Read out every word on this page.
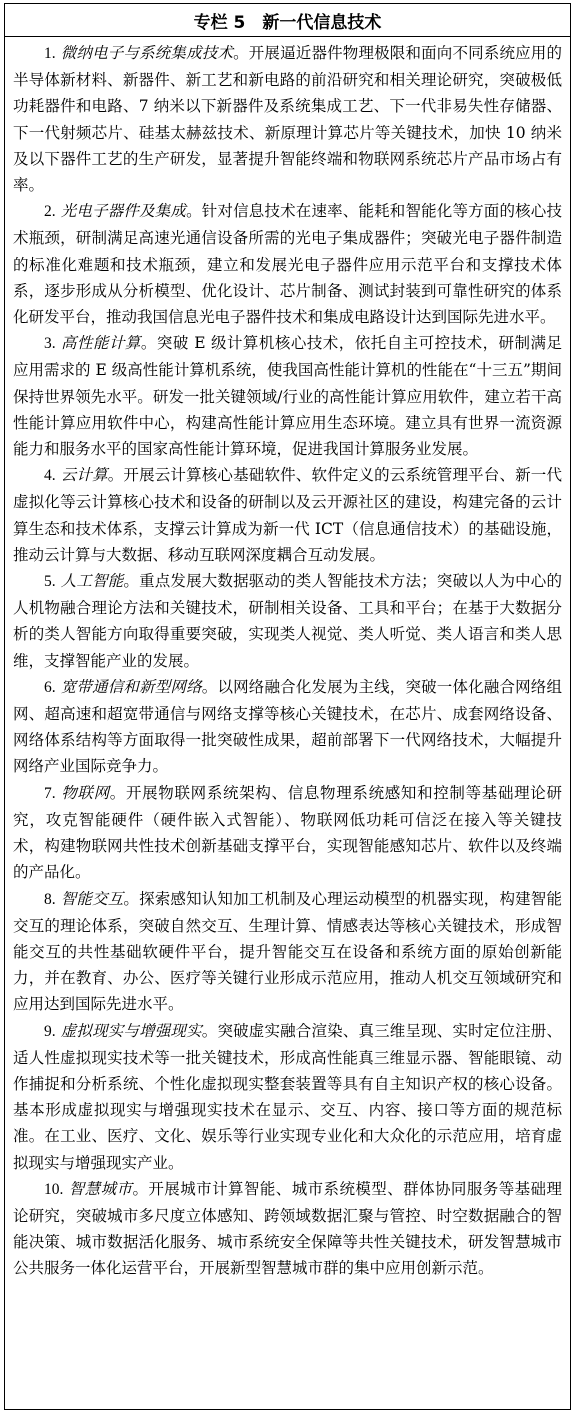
专栏 5　新一代信息技术

1. 微纳电子与系统集成技术。开展逼近器件物理极限和面向不同系统应用的半导体新材料、新器件、新工艺和新电路的前沿研究和相关理论研究，突破极低功耗器件和电路、7 纳米以下新器件及系统集成工艺、下一代非易失性存储器、下一代射频芯片、硅基太赫兹技术、新原理计算芯片等关键技术，加快 10 纳米及以下器件工艺的生产研发，显著提升智能终端和物联网系统芯片产品市场占有率。

2. 光电子器件及集成。针对信息技术在速率、能耗和智能化等方面的核心技术瓶颈，研制满足高速光通信设备所需的光电子集成器件；突破光电子器件制造的标准化难题和技术瓶颈，建立和发展光电子器件应用示范平台和支撑技术体系，逐步形成从分析模型、优化设计、芯片制备、测试封装到可靠性研究的体系化研发平台，推动我国信息光电子器件技术和集成电路设计达到国际先进水平。

3. 高性能计算。突破 E 级计算机核心技术，依托自主可控技术，研制满足应用需求的 E 级高性能计算机系统，使我国高性能计算机的性能在“十三五”期间保持世界领先水平。研发一批关键领域/行业的高性能计算应用软件，建立若干高性能计算应用软件中心，构建高性能计算应用生态环境。建立具有世界一流资源能力和服务水平的国家高性能计算环境，促进我国计算服务业发展。

4. 云计算。开展云计算核心基础软件、软件定义的云系统管理平台、新一代虚拟化等云计算核心技术和设备的研制以及云开源社区的建设，构建完备的云计算生态和技术体系，支撑云计算成为新一代 ICT（信息通信技术）的基础设施，推动云计算与大数据、移动互联网深度耦合互动发展。

5. 人工智能。重点发展大数据驱动的类人智能技术方法；突破以人为中心的人机物融合理论方法和关键技术，研制相关设备、工具和平台；在基于大数据分析的类人智能方向取得重要突破，实现类人视觉、类人听觉、类人语言和类人思维，支撑智能产业的发展。

6. 宽带通信和新型网络。以网络融合化发展为主线，突破一体化融合网络组网、超高速和超宽带通信与网络支撑等核心关键技术，在芯片、成套网络设备、网络体系结构等方面取得一批突破性成果，超前部署下一代网络技术，大幅提升网络产业国际竞争力。

7. 物联网。开展物联网系统架构、信息物理系统感知和控制等基础理论研究，攻克智能硬件（硬件嵌入式智能）、物联网低功耗可信泛在接入等关键技术，构建物联网共性技术创新基础支撑平台，实现智能感知芯片、软件以及终端的产品化。

8. 智能交互。探索感知认知加工机制及心理运动模型的机器实现，构建智能交互的理论体系，突破自然交互、生理计算、情感表达等核心关键技术，形成智能交互的共性基础软硬件平台，提升智能交互在设备和系统方面的原始创新能力，并在教育、办公、医疗等关键行业形成示范应用，推动人机交互领域研究和应用达到国际先进水平。

9. 虚拟现实与增强现实。突破虚实融合渲染、真三维呈现、实时定位注册、适人性虚拟现实技术等一批关键技术，形成高性能真三维显示器、智能眼镜、动作捕捉和分析系统、个性化虚拟现实整套装置等具有自主知识产权的核心设备。基本形成虚拟现实与增强现实技术在显示、交互、内容、接口等方面的规范标准。在工业、医疗、文化、娱乐等行业实现专业化和大众化的示范应用，培育虚拟现实与增强现实产业。

10. 智慧城市。开展城市计算智能、城市系统模型、群体协同服务等基础理论研究，突破城市多尺度立体感知、跨领域数据汇聚与管控、时空数据融合的智能决策、城市数据活化服务、城市系统安全保障等共性关键技术，研发智慧城市公共服务一体化运营平台，开展新型智慧城市群的集中应用创新示范。
